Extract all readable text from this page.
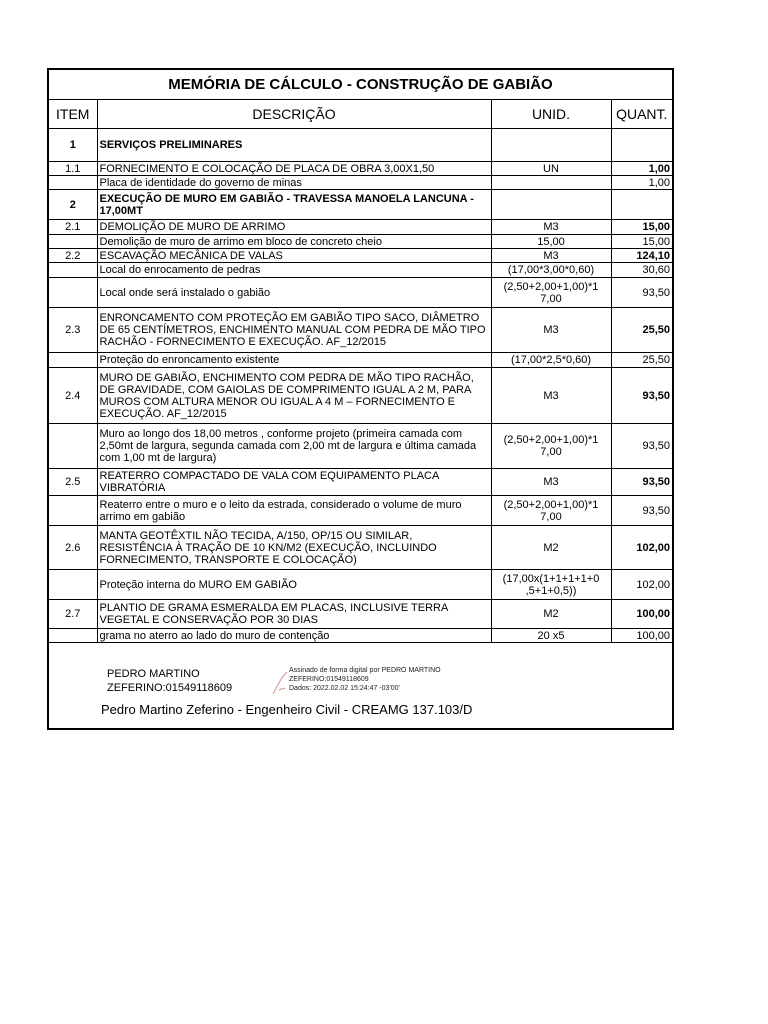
MEMÓRIA DE CÁLCULO - CONSTRUÇÃO DE GABIÃO			
ITEM	DESCRIÇÃO	UNID.	QUANT.
1	SERVIÇOS PRELIMINARES		
1.1	FORNECIMENTO E COLOCAÇÃO DE PLACA DE OBRA 3,00X1,50	UN	1,00
	Placa de identidade do governo de minas		1,00
2	EXECUÇÃO DE MURO EM GABIÃO - TRAVESSA MANOELA LANCUNA - 17,00MT		
2.1	DEMOLIÇÃO DE MURO DE ARRIMO	M3	15,00
	Demolição de muro de arrimo em bloco de concreto cheio	15,00	15,00
2.2	ESCAVAÇÃO MECÂNICA DE VALAS	M3	124,10
	Local do enrocamento de pedras	(17,00*3,00*0,60)	30,60
	Local onde será instalado o gabião	(2,50+2,00+1,00)*1 7,00	93,50
2.3	ENRONCAMENTO COM PROTEÇÃO EM GABIÃO TIPO SACO, DIÂMETRO DE 65 CENTÍMETROS, ENCHIMENTO MANUAL COM PEDRA DE MÃO TIPO RACHÃO - FORNECIMENTO E EXECUÇÃO. AF_12/2015	M3	25,50
	Proteção do enroncamento existente	(17,00*2,5*0,60)	25,50
2.4	MURO DE GABIÃO, ENCHIMENTO COM PEDRA DE MÃO TIPO RACHÃO, DE GRAVIDADE, COM GAIOLAS DE COMPRIMENTO IGUAL A 2 M, PARA MUROS COM ALTURA MENOR OU IGUAL A 4 M – FORNECIMENTO E EXECUÇÃO. AF_12/2015	M3	93,50
	Muro ao longo dos 18,00 metros , conforme projeto (primeira camada com 2,50mt de largura, segunda camada com 2,00 mt de largura e última camada com 1,00 mt de largura)	(2,50+2,00+1,00)*1 7,00	93,50
2.5	REATERRO COMPACTADO DE VALA COM EQUIPAMENTO PLACA VIBRATÓRIA	M3	93,50
	Reaterro entre o muro e o leito da estrada, considerado o volume de muro arrimo em gabião	(2,50+2,00+1,00)*1 7,00	93,50
2.6	MANTA GEOTÊXTIL NÃO TECIDA, A/150, OP/15 OU SIMILAR, RESISTÊNCIA À TRAÇÃO DE 10 KN/M2 (EXECUÇÃO, INCLUINDO FORNECIMENTO, TRANSPORTE E COLOCAÇÃO)	M2	102,00
	Proteção interna do MURO EM GABIÃO	(17,00x(1+1+1+1+0 ,5+1+0,5))	102,00
2.7	PLANTIO DE GRAMA ESMERALDA EM PLACAS, INCLUSIVE TERRA VEGETAL E CONSERVAÇÃO POR 30 DIAS	M2	100,00
	grama no aterro ao lado do muro de contenção	20 x5	100,00
PEDRO MARTINO
ZEFERINO:01549118609
Assinado de forma digital por PEDRO MARTINO
ZEFERINO:01549118609
Dados: 2022.02.02 15:24:47 -03'00'
Pedro Martino Zeferino - Engenheiro Civil - CREAMG 137.103/D
